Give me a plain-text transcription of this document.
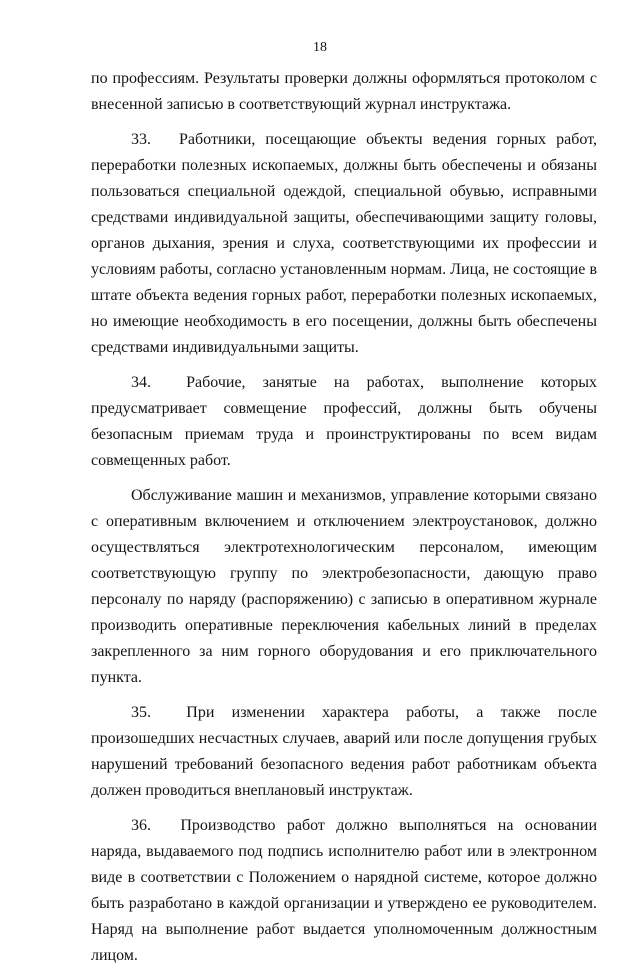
18

по профессиям. Результаты проверки должны оформляться протоколом с внесенной записью в соответствующий журнал инструктажа.

33. Работники, посещающие объекты ведения горных работ, переработки полезных ископаемых, должны быть обеспечены и обязаны пользоваться специальной одеждой, специальной обувью, исправными средствами индивидуальной защиты, обеспечивающими защиту головы, органов дыхания, зрения и слуха, соответствующими их профессии и условиям работы, согласно установленным нормам. Лица, не состоящие в штате объекта ведения горных работ, переработки полезных ископаемых, но имеющие необходимость в его посещении, должны быть обеспечены средствами индивидуальными защиты.

34. Рабочие, занятые на работах, выполнение которых предусматривает совмещение профессий, должны быть обучены безопасным приемам труда и проинструктированы по всем видам совмещенных работ.

Обслуживание машин и механизмов, управление которыми связано с оперативным включением и отключением электроустановок, должно осуществляться электротехнологическим персоналом, имеющим соответствующую группу по электробезопасности, дающую право персоналу по наряду (распоряжению) с записью в оперативном журнале производить оперативные переключения кабельных линий в пределах закрепленного за ним горного оборудования и его приключательного пункта.

35. При изменении характера работы, а также после произошедших несчастных случаев, аварий или после допущения грубых нарушений требований безопасного ведения работ работникам объекта должен проводиться внеплановый инструктаж.

36. Производство работ должно выполняться на основании наряда, выдаваемого под подпись исполнителю работ или в электронном виде в соответствии с Положением о нарядной системе, которое должно быть разработано в каждой организации и утверждено ее руководителем. Наряд на выполнение работ выдается уполномоченным должностным лицом.
